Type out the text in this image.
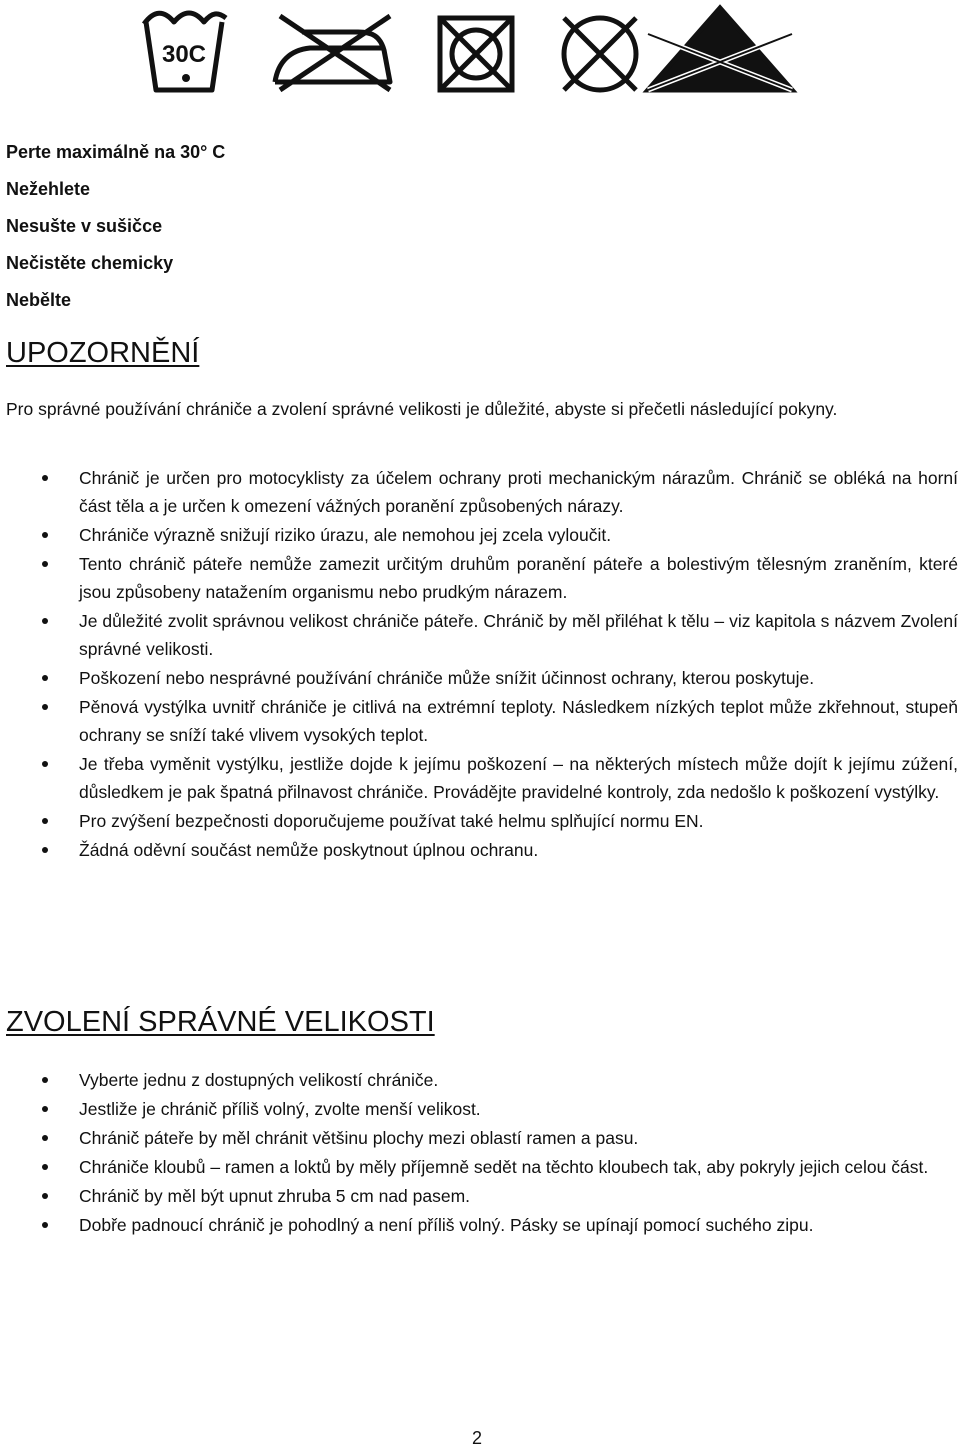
30C
Perte maximálně na 30° C
Nežehlete
Nesušte v sušičce
Nečistěte chemicky
Nebělte
UPOZORNĚNÍ

Pro správné používání chrániče a zvolení správné velikosti je důležité, abyste si přečetli následující pokyny.

Chránič je určen pro motocyklisty za účelem ochrany proti mechanickým nárazům. Chránič se obléká na horní část těla a je určen k omezení vážných poranění způsobených nárazy.
Chrániče výrazně snižují riziko úrazu, ale nemohou jej zcela vyloučit.
Tento chránič páteře nemůže zamezit určitým druhům poranění páteře a bolestivým tělesným zraněním, které jsou způsobeny natažením organismu nebo prudkým nárazem.
Je důležité zvolit správnou velikost chrániče páteře. Chránič by měl přiléhat k tělu – viz kapitola s názvem Zvolení správné velikosti.
Poškození nebo nesprávné používání chrániče může snížit účinnost ochrany, kterou poskytuje.
Pěnová vystýlka uvnitř chrániče je citlivá na extrémní teploty. Následkem nízkých teplot může zkřehnout, stupeň ochrany se sníží také vlivem vysokých teplot.
Je třeba vyměnit vystýlku, jestliže dojde k jejímu poškození – na některých místech může dojít k jejímu zúžení, důsledkem je pak špatná přilnavost chrániče. Provádějte pravidelné kontroly, zda nedošlo k poškození vystýlky.
Pro zvýšení bezpečnosti doporučujeme používat také helmu splňující normu EN.
Žádná oděvní součást nemůže poskytnout úplnou ochranu.
ZVOLENÍ SPRÁVNÉ VELIKOSTI
Vyberte jednu z dostupných velikostí chrániče.
Jestliže je chránič příliš volný, zvolte menší velikost.
Chránič páteře by měl chránit většinu plochy mezi oblastí ramen a pasu.
Chrániče kloubů – ramen a loktů by měly příjemně sedět na těchto kloubech tak, aby pokryly jejich celou část.
Chránič by měl být upnut zhruba 5 cm nad pasem.
Dobře padnoucí chránič je pohodlný a není příliš volný. Pásky se upínají pomocí suchého zipu.
2
